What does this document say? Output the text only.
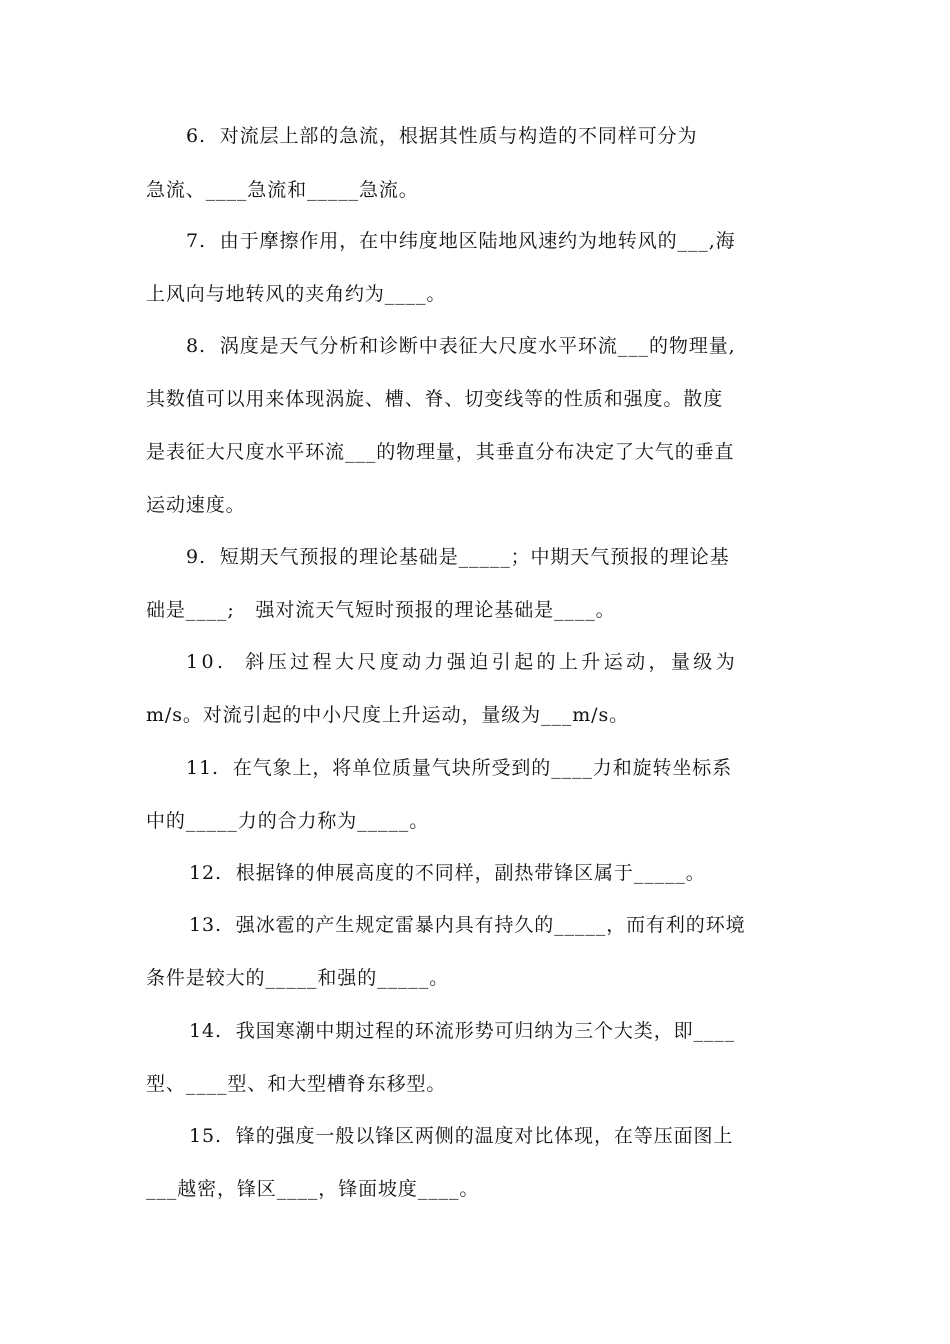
6.  对流层上部的急流，根据其性质与构造的不同样可分为
急流、____急流和_____急流。
7.  由于摩擦作用，在中纬度地区陆地风速约为地转风的___,海
上风向与地转风的夹角约为____。
8.  涡度是天气分析和诊断中表征大尺度水平环流___的物理量,
其数值可以用来体现涡旋、槽、脊、切变线等的性质和强度。散度
是表征大尺度水平环流___的物理量，其垂直分布决定了大气的垂直
运动速度。
9.  短期天气预报的理论基础是_____；中期天气预报的理论基
础是____;   强对流天气短时预报的理论基础是____。
10.  斜压过程大尺度动力强迫引起的上升运动，量级为
m/s。对流引起的中小尺度上升运动，量级为___m/s。
11.  在气象上，将单位质量气块所受到的____力和旋转坐标系
中的_____力的合力称为_____。
12.  根据锋的伸展高度的不同样，副热带锋区属于_____。
13.  强冰雹的产生规定雷暴内具有持久的_____，而有利的环境
条件是较大的_____和强的_____。
14.  我国寒潮中期过程的环流形势可归纳为三个大类，即____
型、____型、和大型槽脊东移型。
15.  锋的强度一般以锋区两侧的温度对比体现，在等压面图上
___越密，锋区____，锋面坡度____。
